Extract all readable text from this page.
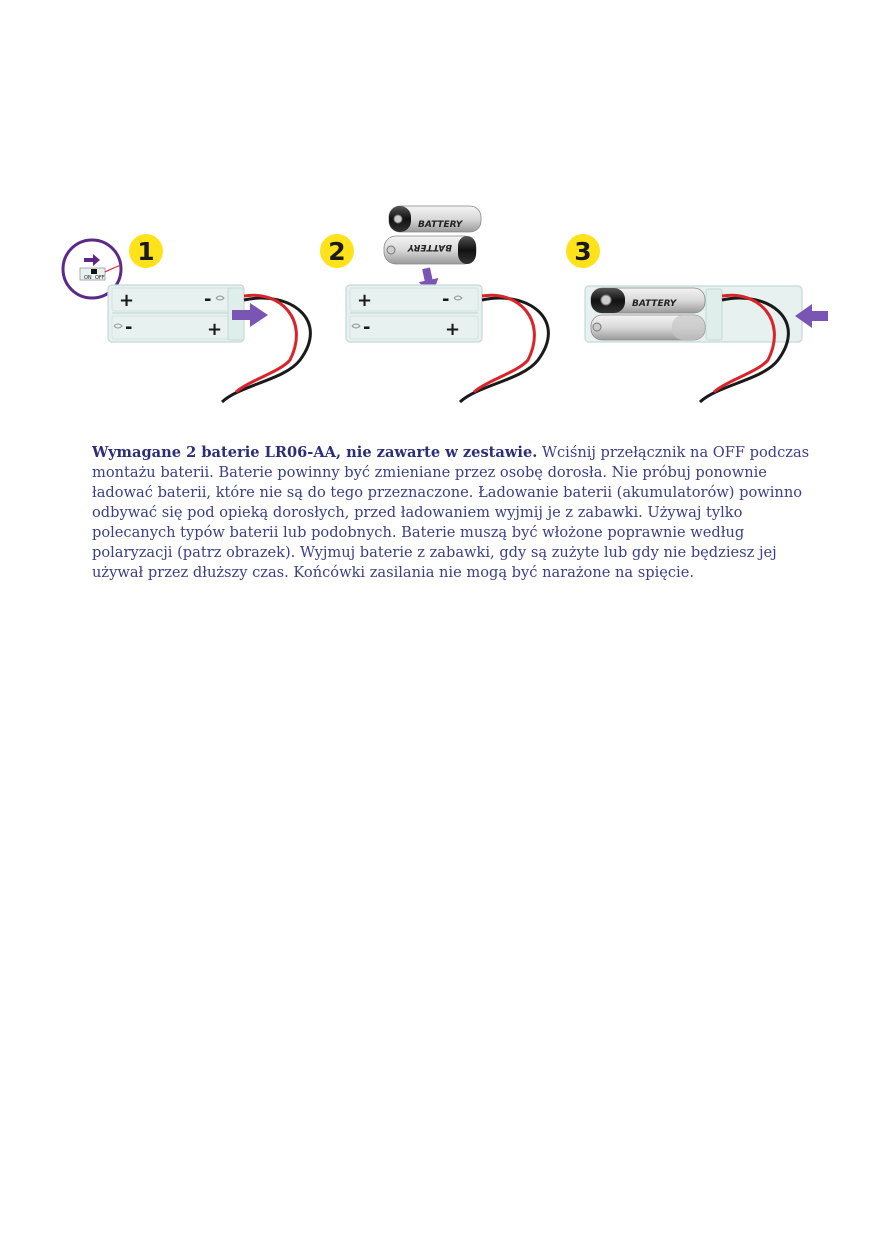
1
ON OFF
+	-
-	+
2
BATTERY
BATTERY
+	-
-	+
3
BATTERY

Wymagane 2 baterie LR06-AA, nie zawarte w zestawie. Wciśnij przełącznik na OFF podczas montażu baterii. Baterie powinny być zmieniane przez osobę dorosła. Nie próbuj ponownie ładować baterii, które nie są do tego przeznaczone. Ładowanie baterii (akumulatorów) powinno odbywać się pod opieką dorosłych, przed ładowaniem wyjmij je z zabawki. Używaj tylko polecanych typów baterii lub podobnych. Baterie muszą być włożone poprawnie według polaryzacji (patrz obrazek). Wyjmuj baterie z zabawki, gdy są zużyte lub gdy nie będziesz jej używał przez dłuższy czas. Końcówki zasilania nie mogą być narażone na spięcie.
